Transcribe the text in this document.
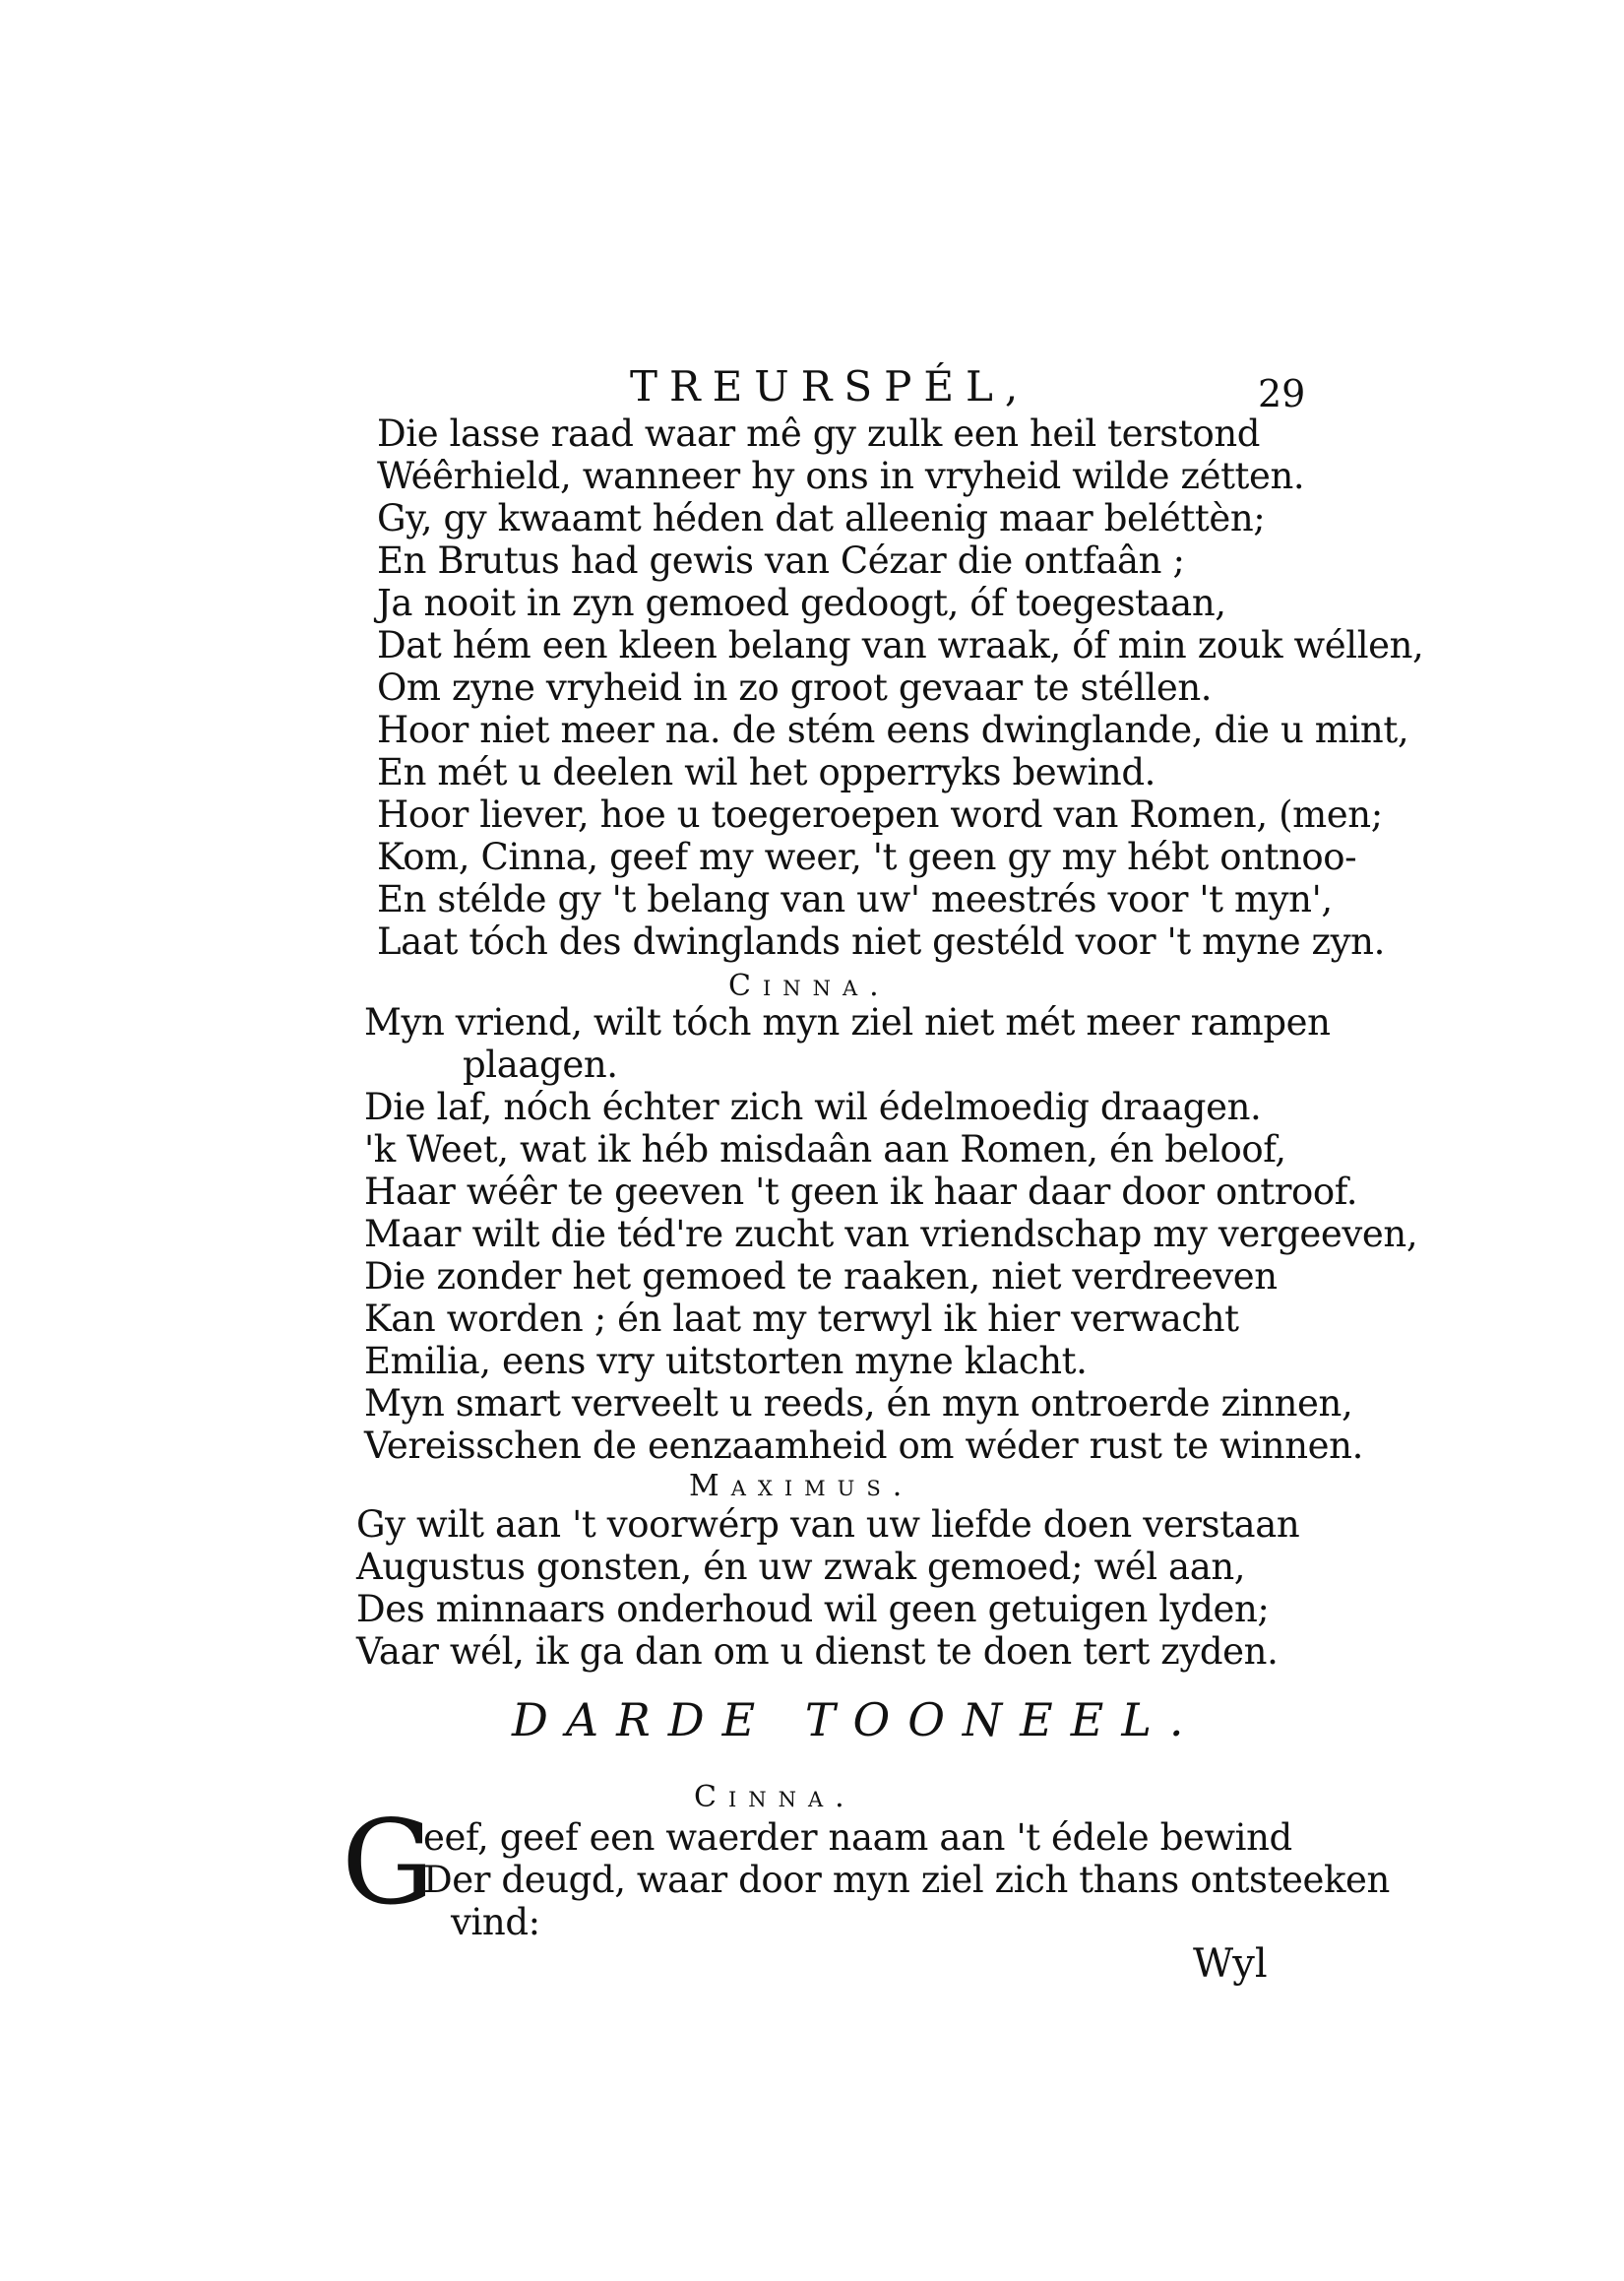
TREURSPÉL,	29
Die lasse raad waar mê gy zulk een heil terstond
Wéêrhield, wanneer hy ons in vryheid wilde zétten.
Gy, gy kwaamt héden dat alleenig maar beléttèn;
En Brutus had gewis van Cézar die ontfaân ;
Ja nooit in zyn gemoed gedoogt, óf toegestaan,
Dat hém een kleen belang van wraak, óf min zouk wéllen,
Om zyne vryheid in zo groot gevaar te stéllen.
Hoor niet meer na. de stém eens dwinglande, die u mint,
En mét u deelen wil het opperryks bewind.
Hoor liever, hoe u toegeroepen word van Romen, (men;
Kom, Cinna, geef my weer, 't geen gy my hébt ontnoo-
En stélde gy 't belang van uw' meestrés voor 't myn',
Laat tóch des dwinglands niet gestéld voor 't myne zyn.
Cinna.
Myn vriend, wilt tóch myn ziel niet mét meer rampen
plaagen.
Die laf, nóch échter zich wil édelmoedig draagen.
'k Weet, wat ik héb misdaân aan Romen, én beloof,
Haar wéêr te geeven 't geen ik haar daar door ontroof.
Maar wilt die téd're zucht van vriendschap my vergeeven,
Die zonder het gemoed te raaken, niet verdreeven
Kan worden ; én laat my terwyl ik hier verwacht
Emilia, eens vry uitstorten myne klacht.
Myn smart verveelt u reeds, én myn ontroerde zinnen,
Vereisschen de eenzaamheid om wéder rust te winnen.
Maximus.
Gy wilt aan 't voorwérp van uw liefde doen verstaan
Augustus gonsten, én uw zwak gemoed; wél aan,
Des minnaars onderhoud wil geen getuigen lyden;
Vaar wél, ik ga dan om u dienst te doen tert zyden.
DARDE TOONEEL.
Cinna.
G
eef, geef een waerder naam aan 't édele bewind
Der deugd, waar door myn ziel zich thans ontsteeken
vind:
Wyl
